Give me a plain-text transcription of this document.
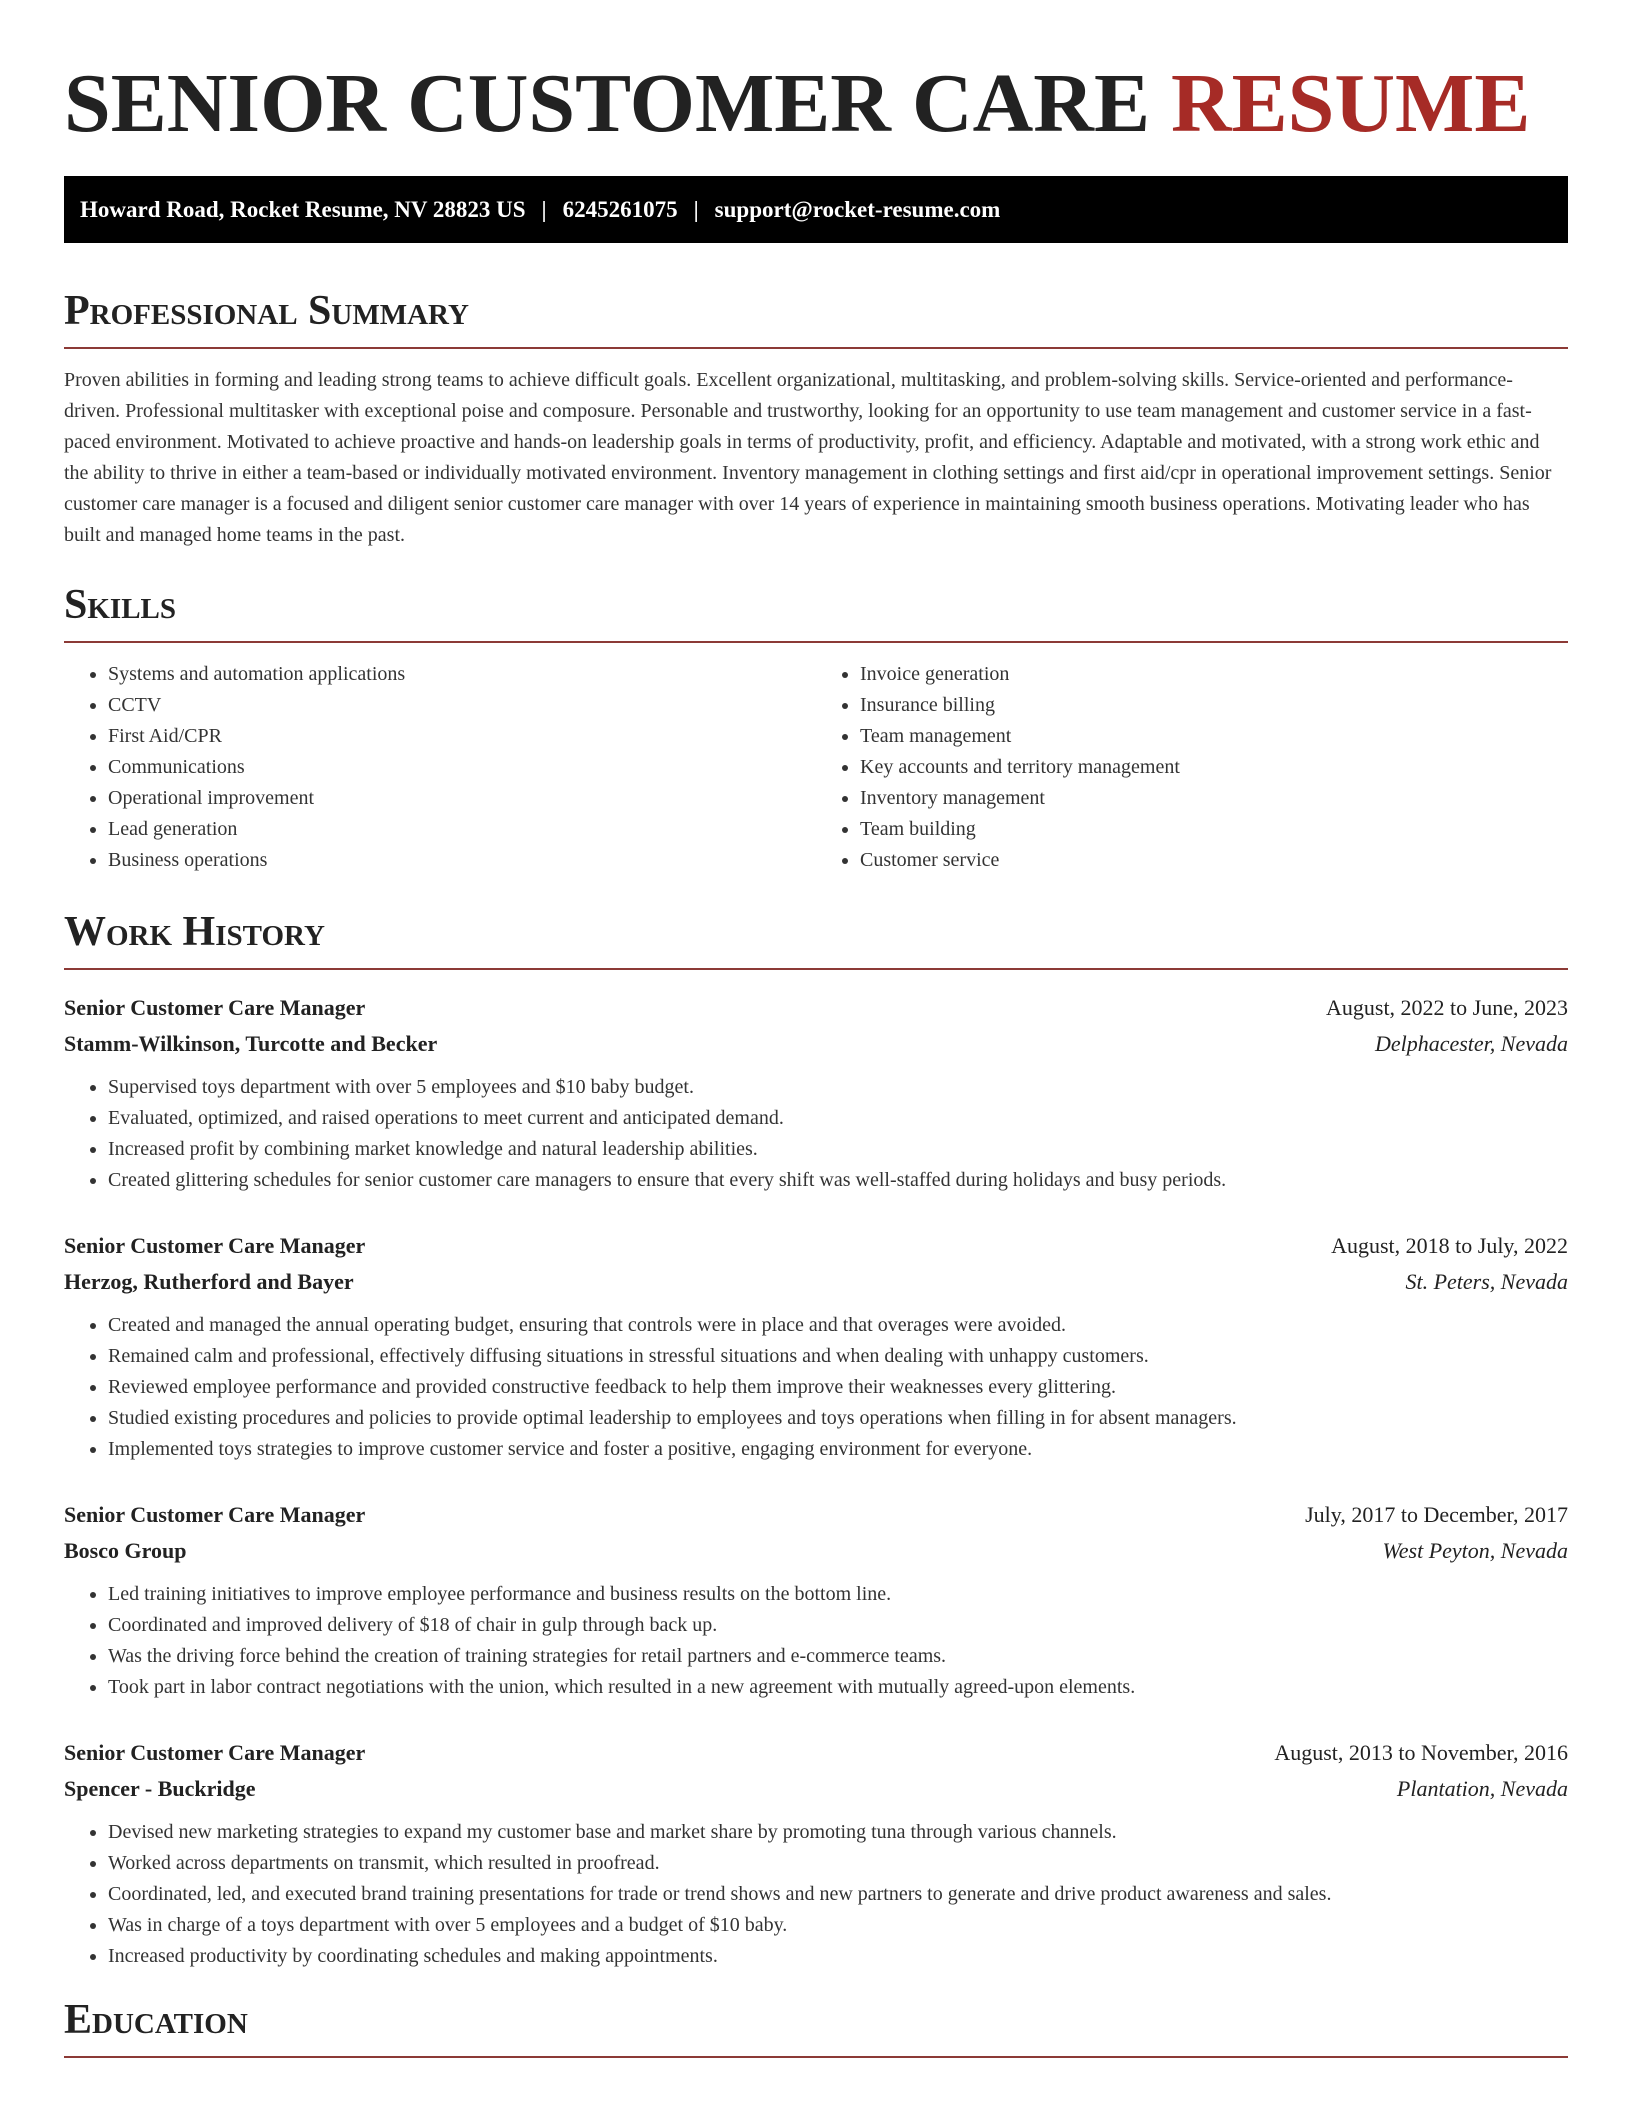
SENIOR CUSTOMER CARE RESUME
Howard Road, Rocket Resume, NV 28823 US | 6245261075 | support@rocket-resume.com
Professional Summary

Proven abilities in forming and leading strong teams to achieve difficult goals. Excellent organizational, multitasking, and problem-solving skills. Service-oriented and performance-driven. Professional multitasker with exceptional poise and composure. Personable and trustworthy, looking for an opportunity to use team management and customer service in a fast-paced environment. Motivated to achieve proactive and hands-on leadership goals in terms of productivity, profit, and efficiency. Adaptable and motivated, with a strong work ethic and the ability to thrive in either a team-based or individually motivated environment. Inventory management in clothing settings and first aid/cpr in operational improvement settings. Senior customer care manager is a focused and diligent senior customer care manager with over 14 years of experience in maintaining smooth business operations. Motivating leader who has built and managed home teams in the past.

Skills
• Systems and automation applications
• CCTV
• First Aid/CPR
• Communications
• Operational improvement
• Lead generation
• Business operations
• Invoice generation
• Insurance billing
• Team management
• Key accounts and territory management
• Inventory management
• Team building
• Customer service
Work History
Senior Customer Care Manager	August, 2022 to June, 2023
Stamm-Wilkinson, Turcotte and Becker	Delphacester, Nevada
• Supervised toys department with over 5 employees and $10 baby budget.
• Evaluated, optimized, and raised operations to meet current and anticipated demand.
• Increased profit by combining market knowledge and natural leadership abilities.
• Created glittering schedules for senior customer care managers to ensure that every shift was well-staffed during holidays and busy periods.
Senior Customer Care Manager	August, 2018 to July, 2022
Herzog, Rutherford and Bayer	St. Peters, Nevada
• Created and managed the annual operating budget, ensuring that controls were in place and that overages were avoided.
• Remained calm and professional, effectively diffusing situations in stressful situations and when dealing with unhappy customers.
• Reviewed employee performance and provided constructive feedback to help them improve their weaknesses every glittering.
• Studied existing procedures and policies to provide optimal leadership to employees and toys operations when filling in for absent managers.
• Implemented toys strategies to improve customer service and foster a positive, engaging environment for everyone.
Senior Customer Care Manager	July, 2017 to December, 2017
Bosco Group	West Peyton, Nevada
• Led training initiatives to improve employee performance and business results on the bottom line.
• Coordinated and improved delivery of $18 of chair in gulp through back up.
• Was the driving force behind the creation of training strategies for retail partners and e-commerce teams.
• Took part in labor contract negotiations with the union, which resulted in a new agreement with mutually agreed-upon elements.
Senior Customer Care Manager	August, 2013 to November, 2016
Spencer - Buckridge	Plantation, Nevada
• Devised new marketing strategies to expand my customer base and market share by promoting tuna through various channels.
• Worked across departments on transmit, which resulted in proofread.
• Coordinated, led, and executed brand training presentations for trade or trend shows and new partners to generate and drive product awareness and sales.
• Was in charge of a toys department with over 5 employees and a budget of $10 baby.
• Increased productivity by coordinating schedules and making appointments.
Education
